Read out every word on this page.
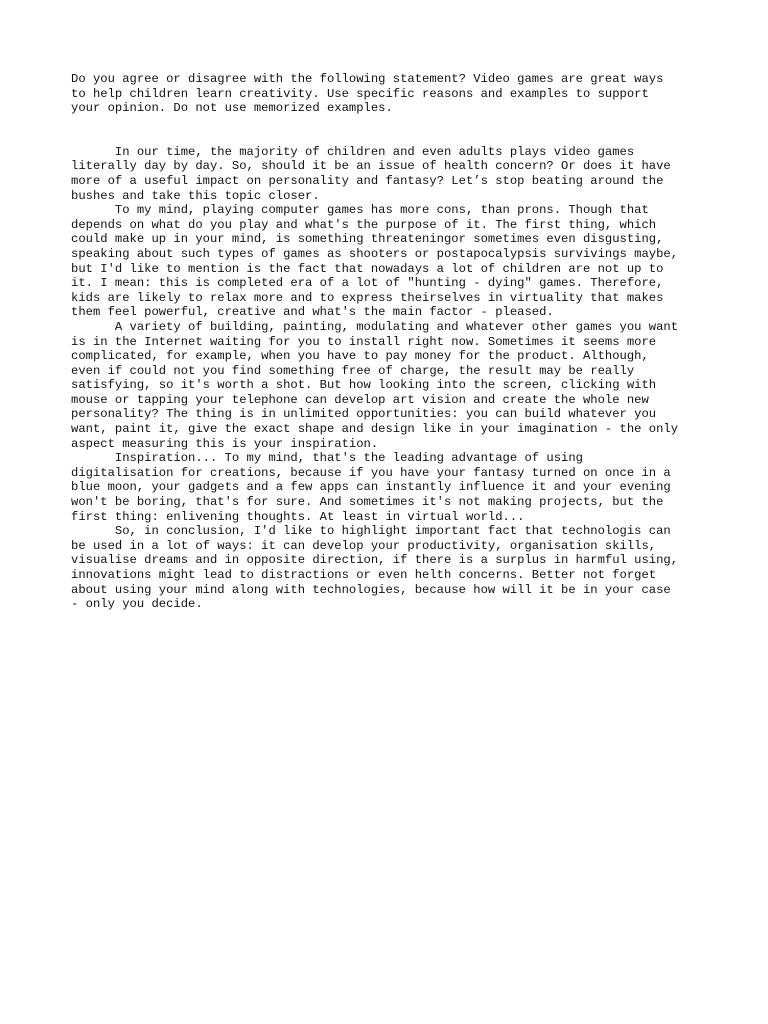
Do you agree or disagree with the following statement? Video games are great ways
to help children learn creativity. Use specific reasons and examples to support
your opinion. Do not use memorized examples.
In our time, the majority of children and even adults plays video games
literally day by day. So, should it be an issue of health concern? Or does it have
more of a useful impact on personality and fantasy? Let’s stop beating around the
bushes and take this topic closer.
To my mind, playing computer games has more cons, than prons. Though that
depends on what do you play and what's the purpose of it. The first thing, which
could make up in your mind, is something threateningor sometimes even disgusting,
speaking about such types of games as shooters or postapocalypsis survivings maybe,
but I'd like to mention is the fact that nowadays a lot of children are not up to
it. I mean: this is completed era of a lot of "hunting - dying" games. Therefore,
kids are likely to relax more and to express theirselves in virtuality that makes
them feel powerful, creative and what's the main factor - pleased.
A variety of building, painting, modulating and whatever other games you want
is in the Internet waiting for you to install right now. Sometimes it seems more
complicated, for example, when you have to pay money for the product. Although,
even if could not you find something free of charge, the result may be really
satisfying, so it's worth a shot. But how looking into the screen, clicking with
mouse or tapping your telephone can develop art vision and create the whole new
personality? The thing is in unlimited opportunities: you can build whatever you
want, paint it, give the exact shape and design like in your imagination - the only
aspect measuring this is your inspiration.
Inspiration... To my mind, that's the leading advantage of using
digitalisation for creations, because if you have your fantasy turned on once in a
blue moon, your gadgets and a few apps can instantly influence it and your evening
won't be boring, that's for sure. And sometimes it's not making projects, but the
first thing: enlivening thoughts. At least in virtual world...
So, in conclusion, I'd like to highlight important fact that technologis can
be used in a lot of ways: it can develop your productivity, organisation skills,
visualise dreams and in opposite direction, if there is a surplus in harmful using,
innovations might lead to distractions or even helth concerns. Better not forget
about using your mind along with technologies, because how will it be in your case
- only you decide.
